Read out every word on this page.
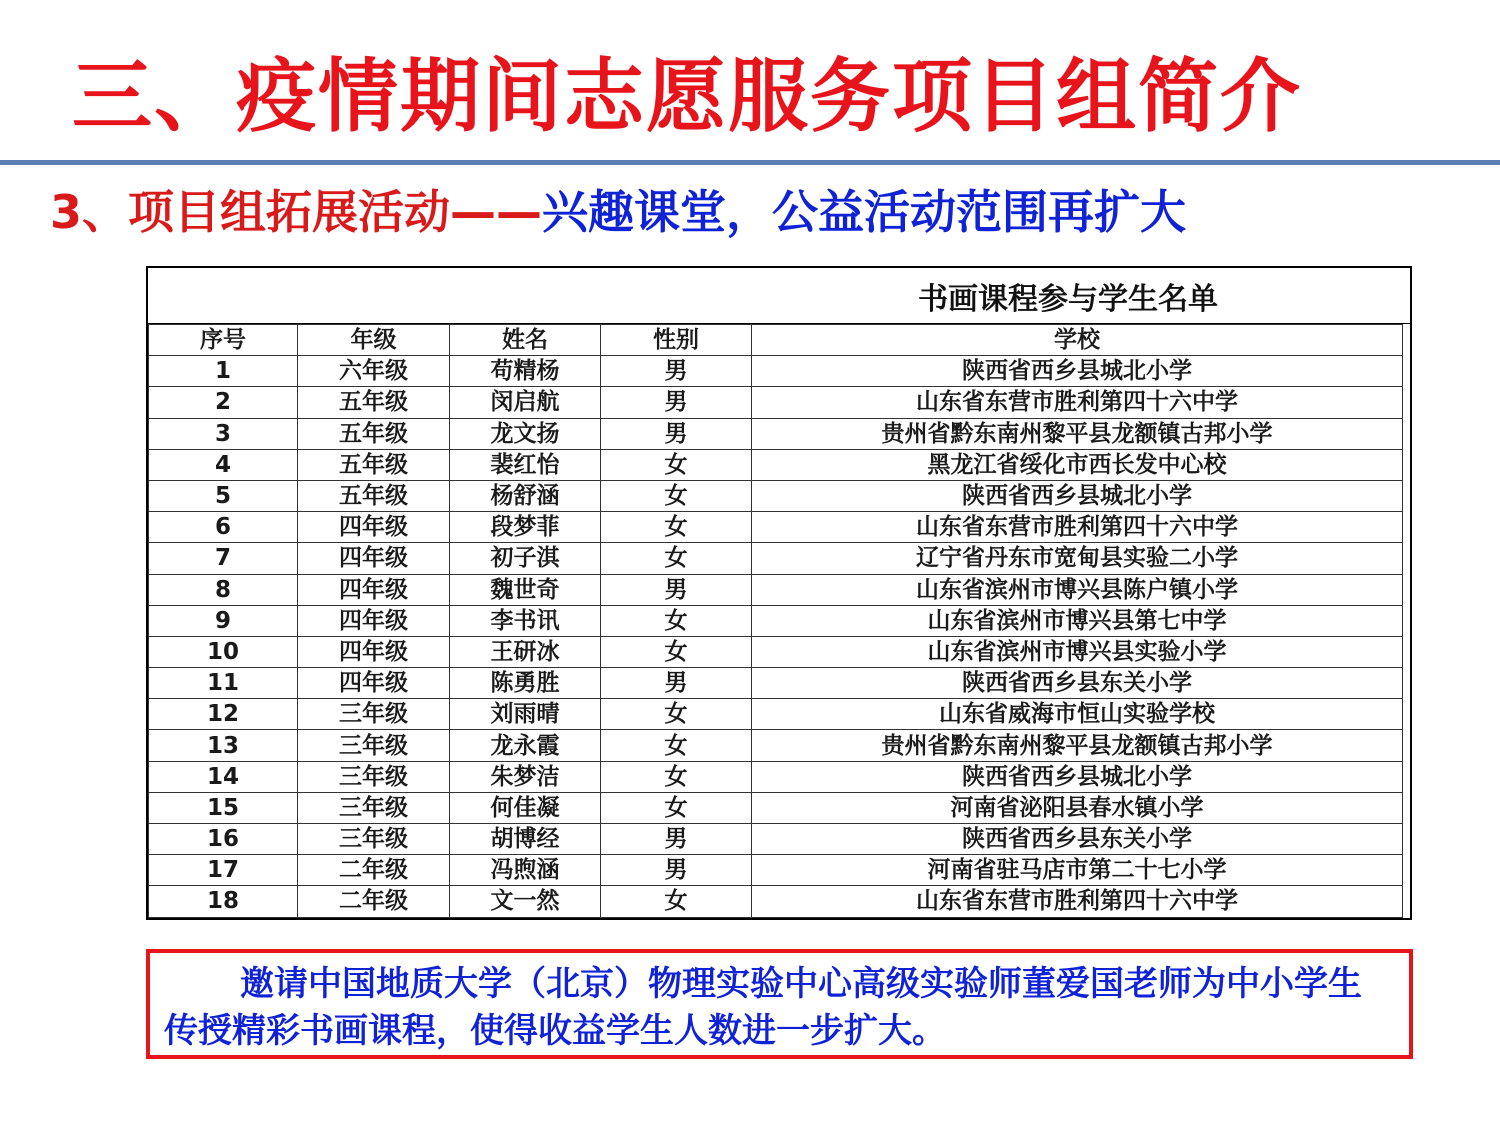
三、疫情期间志愿服务项目组简介
3、项目组拓展活动——兴趣课堂，公益活动范围再扩大
书画课程参与学生名单
序号	年级	姓名	性别	学校
1	六年级	苟精杨	男	陕西省西乡县城北小学
2	五年级	闵启航	男	山东省东营市胜利第四十六中学
3	五年级	龙文扬	男	贵州省黔东南州黎平县龙额镇古邦小学
4	五年级	裴红怡	女	黑龙江省绥化市西长发中心校
5	五年级	杨舒涵	女	陕西省西乡县城北小学
6	四年级	段梦菲	女	山东省东营市胜利第四十六中学
7	四年级	初子淇	女	辽宁省丹东市宽甸县实验二小学
8	四年级	魏世奇	男	山东省滨州市博兴县陈户镇小学
9	四年级	李书讯	女	山东省滨州市博兴县第七中学
10	四年级	王研冰	女	山东省滨州市博兴县实验小学
11	四年级	陈勇胜	男	陕西省西乡县东关小学
12	三年级	刘雨晴	女	山东省威海市恒山实验学校
13	三年级	龙永霞	女	贵州省黔东南州黎平县龙额镇古邦小学
14	三年级	朱梦洁	女	陕西省西乡县城北小学
15	三年级	何佳凝	女	河南省泌阳县春水镇小学
16	三年级	胡博经	男	陕西省西乡县东关小学
17	二年级	冯煦涵	男	河南省驻马店市第二十七小学
18	二年级	文一然	女	山东省东营市胜利第四十六中学
邀请中国地质大学（北京）物理实验中心高级实验师董爱国老师为中小学生传授精彩书画课程，使得收益学生人数进一步扩大。
